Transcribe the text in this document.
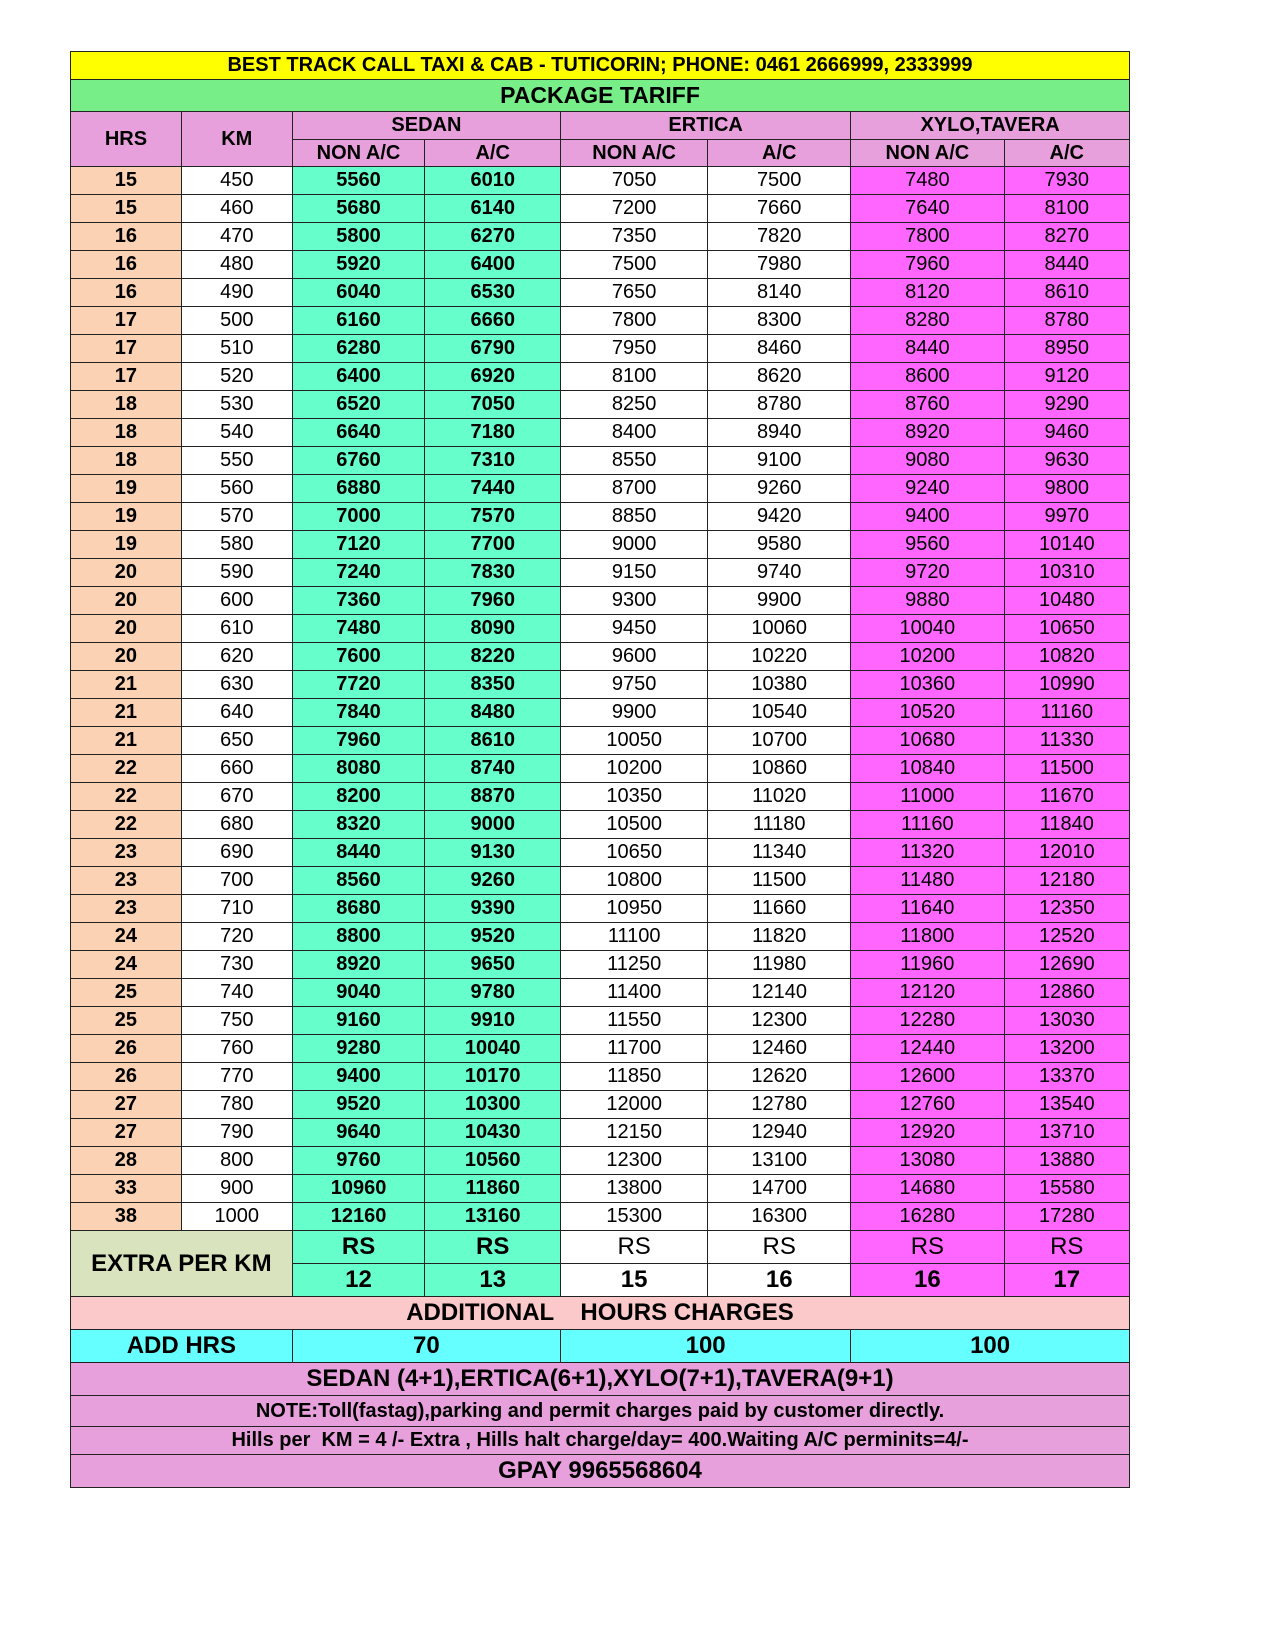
BEST TRACK CALL TAXI & CAB - TUTICORIN; PHONE: 0461 2666999, 2333999							
PACKAGE TARIFF							
HRS	KM	SEDAN		ERTICA		XYLO,TAVERA	
		NON A/C	A/C	NON A/C	A/C	NON A/C	A/C
15	450	5560	6010	7050	7500	7480	7930
15	460	5680	6140	7200	7660	7640	8100
16	470	5800	6270	7350	7820	7800	8270
16	480	5920	6400	7500	7980	7960	8440
16	490	6040	6530	7650	8140	8120	8610
17	500	6160	6660	7800	8300	8280	8780
17	510	6280	6790	7950	8460	8440	8950
17	520	6400	6920	8100	8620	8600	9120
18	530	6520	7050	8250	8780	8760	9290
18	540	6640	7180	8400	8940	8920	9460
18	550	6760	7310	8550	9100	9080	9630
19	560	6880	7440	8700	9260	9240	9800
19	570	7000	7570	8850	9420	9400	9970
19	580	7120	7700	9000	9580	9560	10140
20	590	7240	7830	9150	9740	9720	10310
20	600	7360	7960	9300	9900	9880	10480
20	610	7480	8090	9450	10060	10040	10650
20	620	7600	8220	9600	10220	10200	10820
21	630	7720	8350	9750	10380	10360	10990
21	640	7840	8480	9900	10540	10520	11160
21	650	7960	8610	10050	10700	10680	11330
22	660	8080	8740	10200	10860	10840	11500
22	670	8200	8870	10350	11020	11000	11670
22	680	8320	9000	10500	11180	11160	11840
23	690	8440	9130	10650	11340	11320	12010
23	700	8560	9260	10800	11500	11480	12180
23	710	8680	9390	10950	11660	11640	12350
24	720	8800	9520	11100	11820	11800	12520
24	730	8920	9650	11250	11980	11960	12690
25	740	9040	9780	11400	12140	12120	12860
25	750	9160	9910	11550	12300	12280	13030
26	760	9280	10040	11700	12460	12440	13200
26	770	9400	10170	11850	12620	12600	13370
27	780	9520	10300	12000	12780	12760	13540
27	790	9640	10430	12150	12940	12920	13710
28	800	9760	10560	12300	13100	13080	13880
33	900	10960	11860	13800	14700	14680	15580
38	1000	12160	13160	15300	16300	16280	17280
EXTRA PER KM		RS	RS	RS	RS	RS	RS
		12	13	15	16	16	17
ADDITIONAL    HOURS CHARGES							
ADD HRS		70		100		100	
SEDAN (4+1),ERTICA(6+1),XYLO(7+1),TAVERA(9+1)							
NOTE:Toll(fastag),parking and permit charges paid by customer directly.							
Hills per  KM = 4 /- Extra , Hills halt charge/day= 400.Waiting A/C perminits=4/-							
GPAY 9965568604							
